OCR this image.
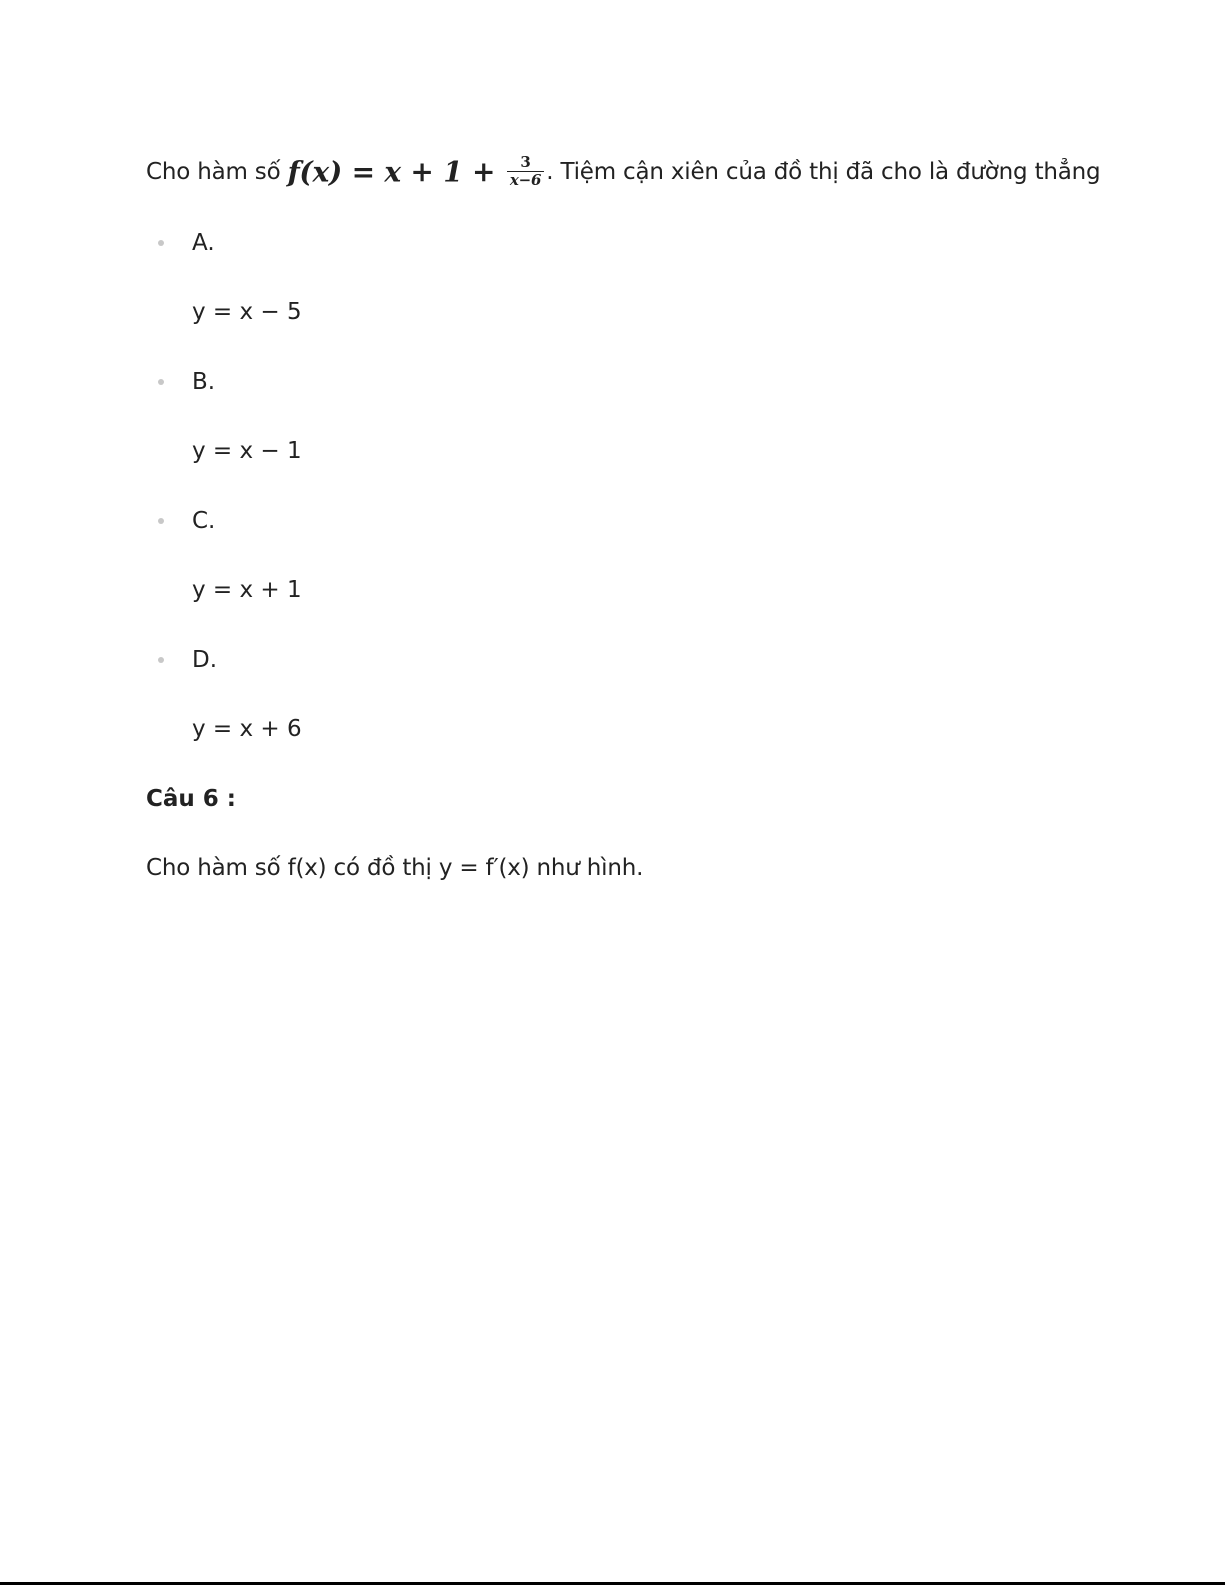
Cho hàm số $f(x) = x + 1 + \frac{3}{x-6}$ . Tiệm cận xiên của đồ thị đã cho là đường thẳng
A.
y = x − 5
B.
y = x − 1
C.
y = x + 1
D.
y = x + 6
Câu 6 :
Cho hàm số f(x) có đồ thị y = f′(x) như hình.
